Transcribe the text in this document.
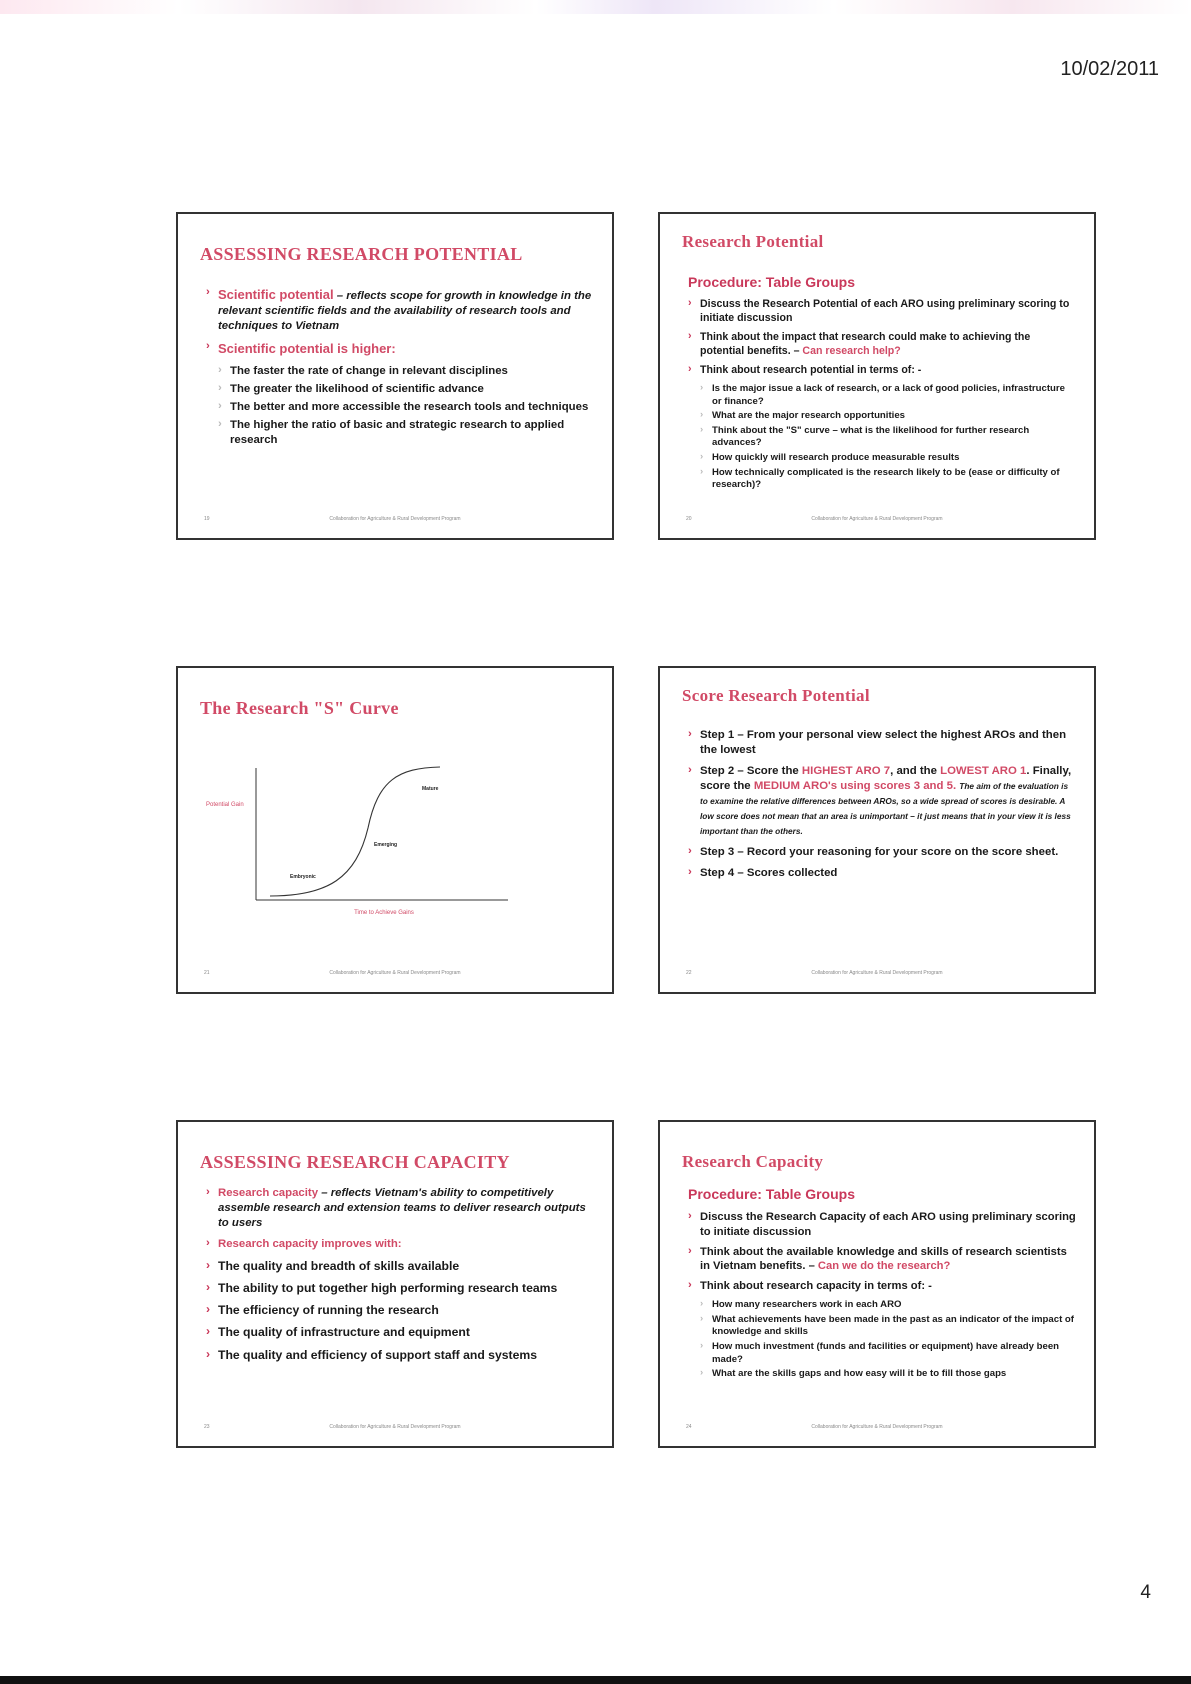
10/02/2011
ASSESSING RESEARCH POTENTIAL
› Scientific potential – reflects scope for growth in knowledge in the relevant scientific fields and the availability of research tools and techniques to Vietnam
› Scientific potential is higher:
› The faster the rate of change in relevant disciplines
› The greater the likelihood of scientific advance
› The better and more accessible the research tools and techniques
› The higher the ratio of basic and strategic research to applied research
19	Collaboration for Agriculture & Rural Development Program
Research Potential
Procedure: Table Groups
› Discuss the Research Potential of each ARO using preliminary scoring to initiate discussion
› Think about the impact that research could make to achieving the potential benefits. – Can research help?
› Think about research potential in terms of: -
› Is the major issue a lack of research, or a lack of good policies, infrastructure or finance?
› What are the major research opportunities
› Think about the "S" curve – what is the likelihood for further research advances?
› How quickly will research produce measurable results
› How technically complicated is the research likely to be (ease or difficulty of research)?
20	Collaboration for Agriculture & Rural Development Program
The Research "S" Curve
Potential Gain
Time to Achieve Gains
Embryonic
Emerging
Mature
21	Collaboration for Agriculture & Rural Development Program
Score Research Potential
› Step 1 – From your personal view select the highest AROs and then the lowest
› Step 2 – Score the HIGHEST ARO 7, and the LOWEST ARO 1. Finally, score the MEDIUM ARO's using scores 3 and 5. The aim of the evaluation is to examine the relative differences between AROs, so a wide spread of scores is desirable. A low score does not mean that an area is unimportant – it just means that in your view it is less important than the others.
› Step 3 – Record your reasoning for your score on the score sheet.
› Step 4 – Scores collected
22	Collaboration for Agriculture & Rural Development Program
ASSESSING RESEARCH CAPACITY
› Research capacity – reflects Vietnam's ability to competitively assemble research and extension teams to deliver research outputs to users
› Research capacity improves with:
› The quality and breadth of skills available
› The ability to put together high performing research teams
› The efficiency of running the research
› The quality of infrastructure and equipment
› The quality and efficiency of support staff and systems
23	Collaboration for Agriculture & Rural Development Program
Research Capacity
Procedure: Table Groups
› Discuss the Research Capacity of each ARO using preliminary scoring to initiate discussion
› Think about the available knowledge and skills of research scientists in Vietnam benefits. – Can we do the research?
› Think about research capacity in terms of: -
› How many researchers work in each ARO
› What achievements have been made in the past as an indicator of the impact of knowledge and skills
› How much investment (funds and facilities or equipment) have already been made?
› What are the skills gaps and how easy will it be to fill those gaps
24	Collaboration for Agriculture & Rural Development Program
4
